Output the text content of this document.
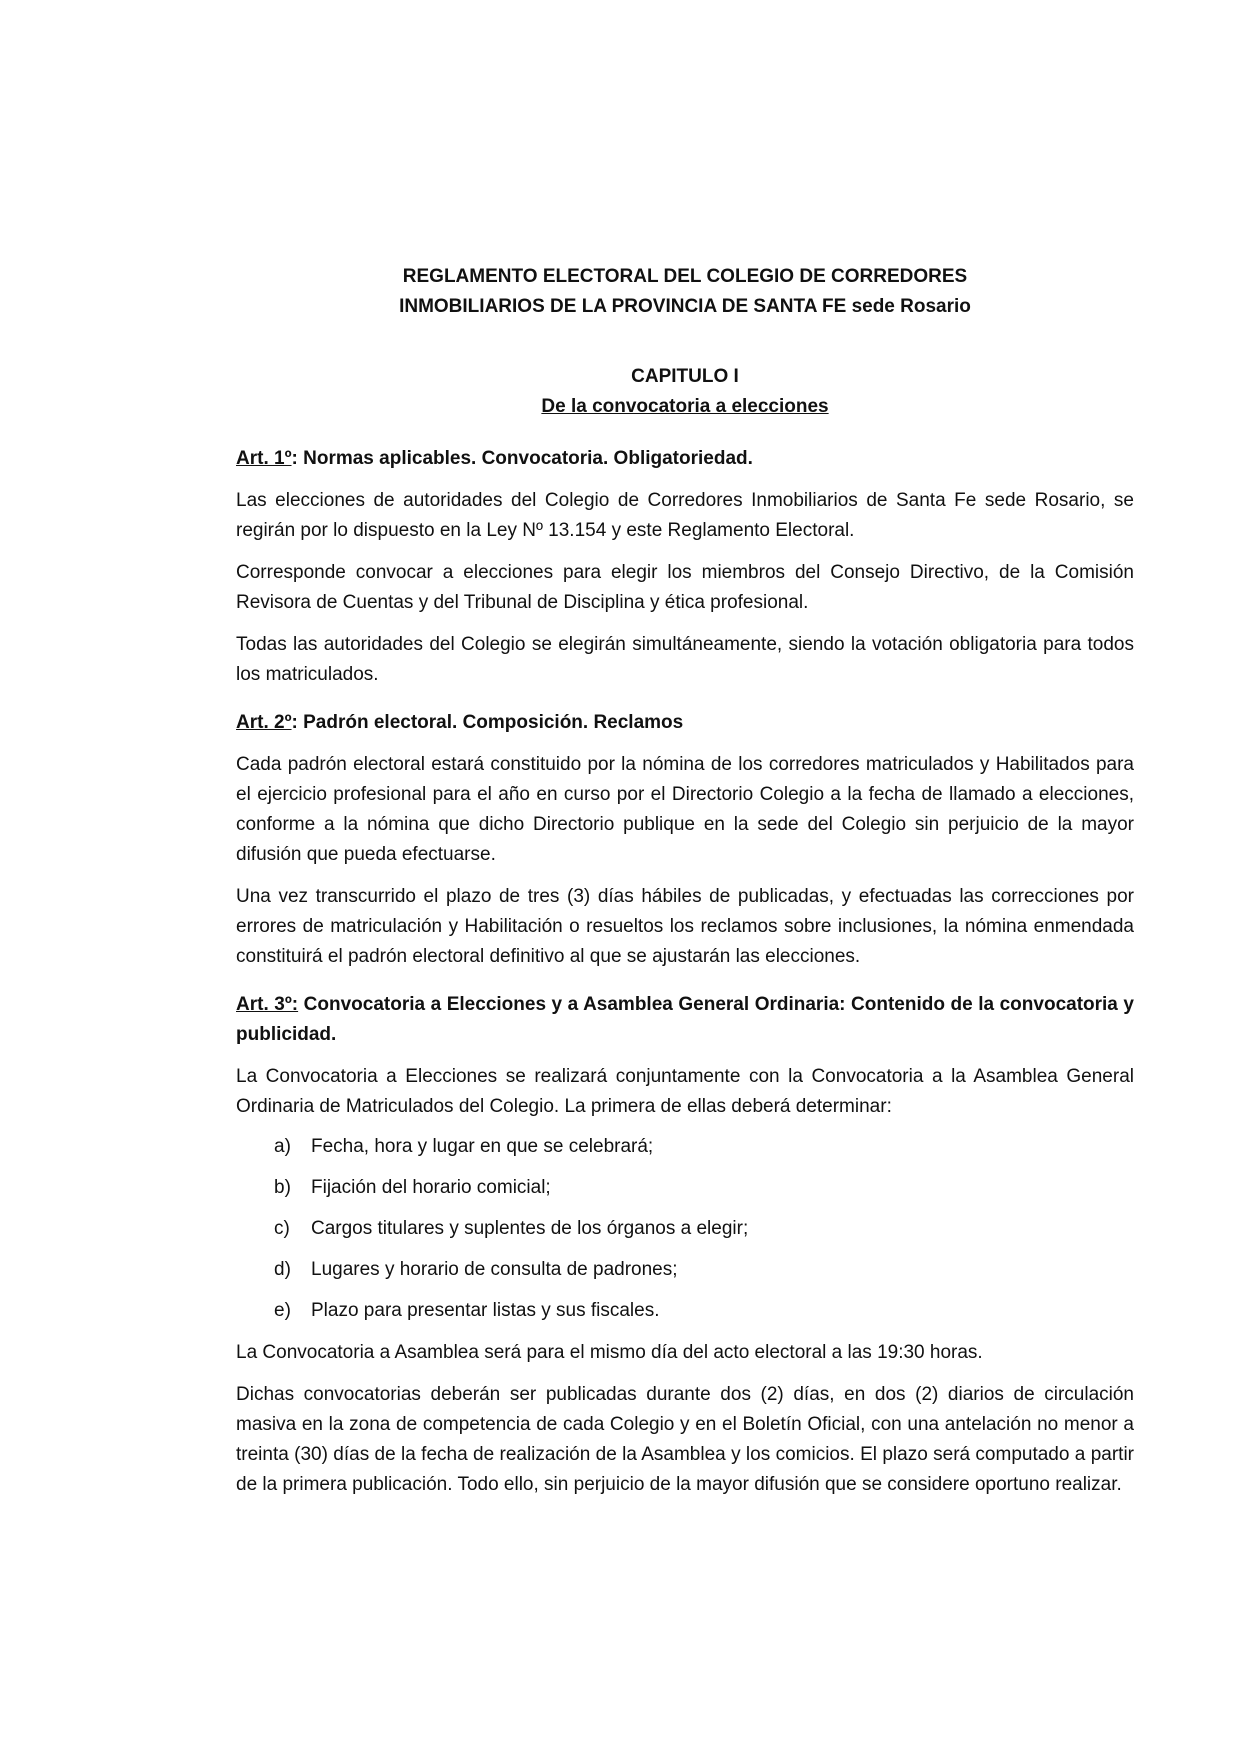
REGLAMENTO ELECTORAL DEL COLEGIO DE CORREDORES
INMOBILIARIOS DE LA PROVINCIA DE SANTA FE sede Rosario
CAPITULO I
De la convocatoria a elecciones
Art. 1º: Normas aplicables. Convocatoria. Obligatoriedad.

Las elecciones de autoridades del Colegio de Corredores Inmobiliarios de Santa Fe sede Rosario, se regirán por lo dispuesto en la Ley Nº 13.154 y este Reglamento Electoral.

Corresponde convocar a elecciones para elegir los miembros del Consejo Directivo, de la Comisión Revisora de Cuentas y del Tribunal de Disciplina y ética profesional.

Todas las autoridades del Colegio se elegirán simultáneamente, siendo la votación obligatoria para todos los matriculados.

Art. 2º: Padrón electoral. Composición. Reclamos

Cada padrón electoral estará constituido por la nómina de los corredores matriculados y Habilitados para el ejercicio profesional para el año en curso por el Directorio Colegio a la fecha de llamado a elecciones, conforme a la nómina que dicho Directorio publique en la sede del Colegio sin perjuicio de la mayor difusión que pueda efectuarse.

Una vez transcurrido el plazo de tres (3) días hábiles de publicadas, y efectuadas las correcciones por errores de matriculación y Habilitación o resueltos los reclamos sobre inclusiones, la nómina enmendada constituirá el padrón electoral definitivo al que se ajustarán las elecciones.

Art. 3º: Convocatoria a Elecciones y a Asamblea General Ordinaria: Contenido de la convocatoria y publicidad.

La Convocatoria a Elecciones se realizará conjuntamente con la Convocatoria a la Asamblea General Ordinaria de Matriculados del Colegio. La primera de ellas deberá determinar:

a)	Fecha, hora y lugar en que se celebrará;
b)	Fijación del horario comicial;
c)	Cargos titulares y suplentes de los órganos a elegir;
d)	Lugares y horario de consulta de padrones;
e)	Plazo para presentar listas y sus fiscales.

La Convocatoria a Asamblea será para el mismo día del acto electoral a las 19:30 horas.

Dichas convocatorias deberán ser publicadas durante dos (2) días, en dos (2) diarios de circulación masiva en la zona de competencia de cada Colegio y en el Boletín Oficial, con una antelación no menor a treinta (30) días de la fecha de realización de la Asamblea y los comicios. El plazo será computado a partir de la primera publicación. Todo ello, sin perjuicio de la mayor difusión que se considere oportuno realizar.
